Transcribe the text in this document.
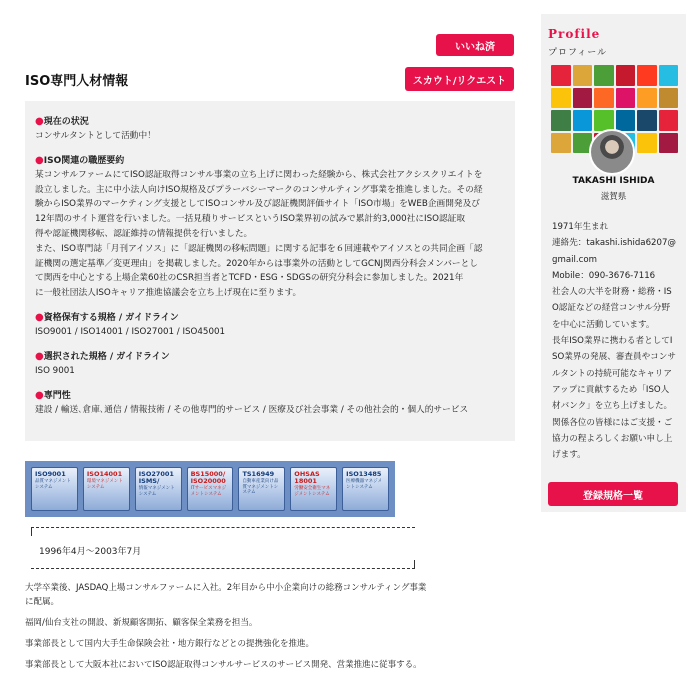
いいね済
ISO専門人材情報	スカウト/リクエスト
●現在の状況
コンサルタントとして活動中！
●ISO関連の職歴要約
某コンサルファームにてISO認証取得コンサル事業の立ち上げに関わった経験から、株式会社アクシスクリエイトを
設立しました。主に中小法人向けISO規格及びプラーバシーマークのコンサルティング事業を推進しました。その経
験からISO業界のマーケティング支援としてISOコンサル及び認証機関評価サイト「ISO市場」をWEB企画開発及び
12年間のサイト運営を行いました。一括見積りサービスというISO業界初の試みで累計約3,000社にISO認証取
得や認証機関移転、認証維持の情報提供を行いました。
また、ISO専門誌「月刊アイソス」に「認証機関の移転問題」に関する記事を６回連載やアイソスとの共同企画「認
証機関の選定基準／変更理由」を掲載しました。2020年からは事業外の活動としてGCNJ関西分科会メンバーとし
て関西を中心とする上場企業60社のCSR担当者とTCFD・ESG・SDGSの研究分科会に参加しました。2021年
に一般社団法人ISOキャリア推進協議会を立ち上げ現在に至ります。
●資格保有する規格 / ガイドライン
ISO9001 / ISO14001 / ISO27001 / ISO45001
●選択された規格 / ガイドライン
ISO 9001
●専門性
建設 / 輸送､倉庫､通信 / 情報技術 / その他専門的サービス / 医療及び社会事業 / その他社会的・個人的サービス
ISO9001
品質マネジメントシステム
ISO14001
環境マネジメントシステム
ISO27001 ISMS/
情報マネジメントシステム
BS15000/ ISO20000
ITサービスマネジメントシステム
TS16949
自動車産業向け品質マネジメントシステム
OHSAS 18001
労働安全衛生マネジメントシステム
ISO13485
医療機器マネジメントシステム
1996年4月～2003年7月

大学卒業後、JASDAQ上場コンサルファームに入社。2年目から中小企業向けの総務コンサルティング事業
に配属。

福岡/仙台支社の開設、新規顧客開拓、顧客保全業務を担当。

事業部長として国内大手生命保険会社・地方銀行などとの提携強化を推進。

事業部長として大阪本社においてISO認証取得コンサルサービスのサービス開発、営業推進に従事する。

Profile
プロフィール
TAKASHI ISHIDA
滋賀県
1971年生まれ
連絡先：takashi.ishida6207@gmail.com
Mobile：090-3676-7116
社会人の大半を財務・総務・ISO認証などの経営コンサル分野を中心に活動しています。
長年ISO業界に携わる者としてISO業界の発展、審査員やコンサルタントの持続可能なキャリアアップに貢献するため「ISO人材バンク」を立ち上げました。
関係各位の皆様にはご支援・ご協力の程よろしくお願い申し上げます。
登録規格一覧
